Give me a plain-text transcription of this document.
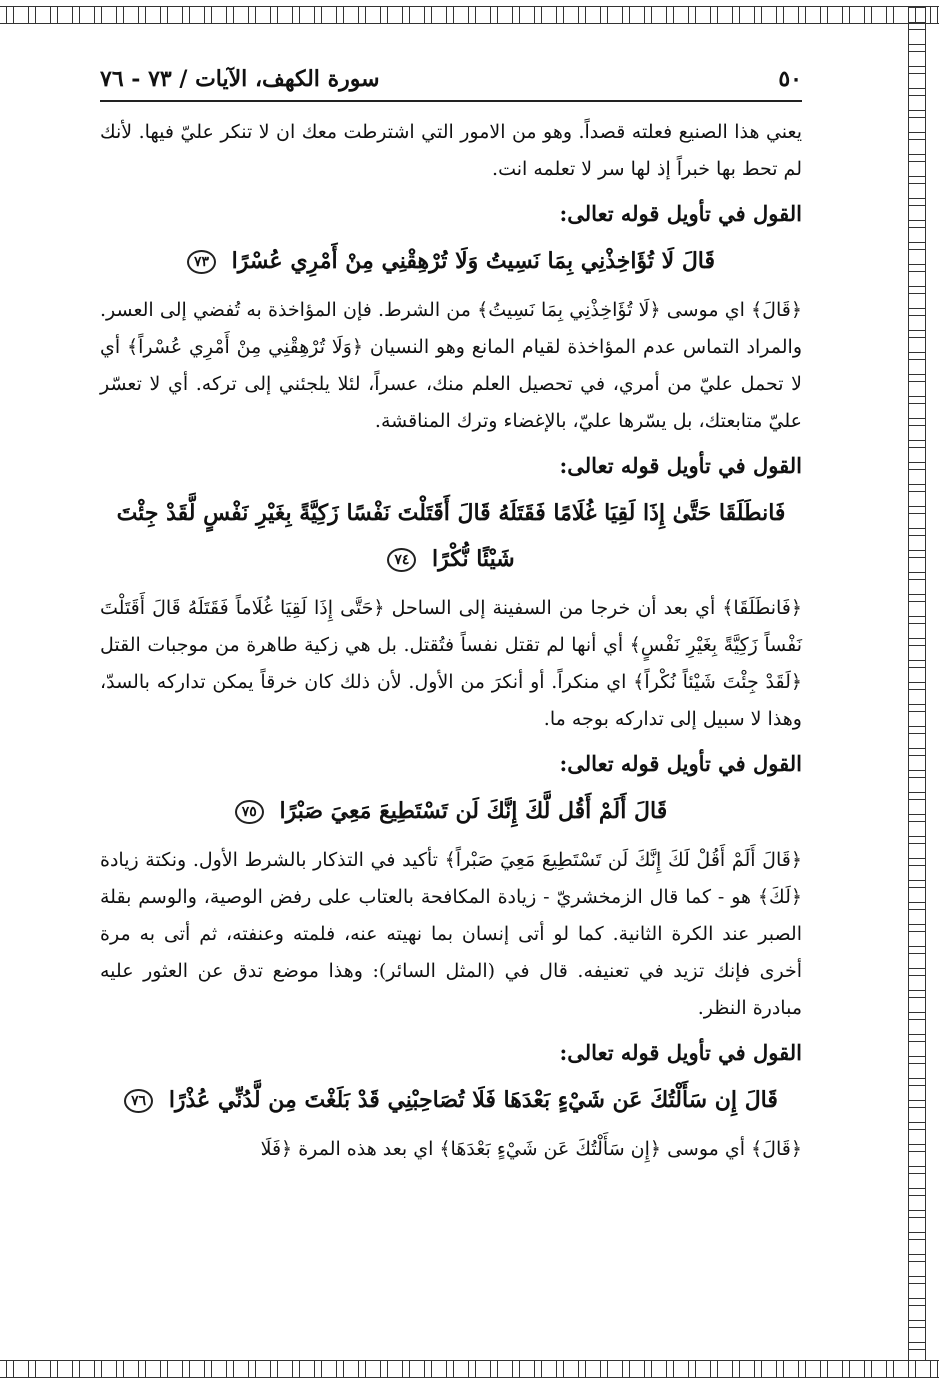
٥٠
سورة الكهف، الآيات / ٧٣ - ٧٦

يعني هذا الصنيع فعلته قصداً. وهو من الامور التي اشترطت معك ان لا تنكر عليّ فيها. لأنك لم تحط بها خبراً إذ لها سر لا تعلمه انت.

القول في تأويل قوله تعالى:
قَالَ لَا تُؤَاخِذْنِي بِمَا نَسِيتُ وَلَا تُرْهِقْنِي مِنْ أَمْرِي عُسْرًا ٧٣

﴿قَالَ﴾ اي موسى ﴿لَا تُؤَاخِذْنِي بِمَا نَسِيتُ﴾ من الشرط. فإن المؤاخذة به تُفضي إلى العسر. والمراد التماس عدم المؤاخذة لقيام المانع وهو النسيان ﴿وَلَا تُرْهِقْنِي مِنْ أَمْرِي عُسْراً﴾ أي لا تحمل عليّ من أمري، في تحصيل العلم منك، عسراً، لئلا يلجئني إلى تركه. أي لا تعسّر عليّ متابعتك، بل يسّرها عليّ، بالإغضاء وترك المناقشة.

القول في تأويل قوله تعالى:
فَانطَلَقَا حَتَّىٰ إِذَا لَقِيَا غُلَامًا فَقَتَلَهُ قَالَ أَقَتَلْتَ نَفْسًا زَكِيَّةً بِغَيْرِ نَفْسٍ لَّقَدْ جِئْتَ شَيْئًا نُّكْرًا ٧٤

﴿فَانطَلَقَا﴾ أي بعد أن خرجا من السفينة إلى الساحل ﴿حَتَّى إِذَا لَقِيَا غُلَاماً فَقَتَلَهُ قَالَ أَقَتَلْتَ نَفْساً زَكِيَّةً بِغَيْرِ نَفْسٍ﴾ أي أنها لم تقتل نفساً فتُقتل. بل هي زكية طاهرة من موجبات القتل ﴿لَقَدْ جِئْتَ شَيْئاً نُكْراً﴾ اي منكراً. أو أنكرَ من الأول. لأن ذلك كان خرقاً يمكن تداركه بالسدّ، وهذا لا سبيل إلى تداركه بوجه ما.

القول في تأويل قوله تعالى:
قَالَ أَلَمْ أَقُل لَّكَ إِنَّكَ لَن تَسْتَطِيعَ مَعِيَ صَبْرًا ٧٥

﴿قَالَ أَلَمْ أَقُلْ لَكَ إِنَّكَ لَن تَسْتَطِيعَ مَعِيَ صَبْراً﴾ تأكيد في التذكار بالشرط الأول. ونكتة زيادة ﴿لَكَ﴾ هو - كما قال الزمخشريّ - زيادة المكافحة بالعتاب على رفض الوصية، والوسم بقلة الصبر عند الكرة الثانية. كما لو أتى إنسان بما نهيته عنه، فلمته وعنفته، ثم أتى به مرة أخرى فإنك تزيد في تعنيفه. قال في (المثل السائر): وهذا موضع تدق عن العثور عليه مبادرة النظر.

القول في تأويل قوله تعالى:
قَالَ إِن سَأَلْتُكَ عَن شَيْءٍ بَعْدَهَا فَلَا تُصَاحِبْنِي قَدْ بَلَغْتَ مِن لَّدُنِّي عُذْرًا ٧٦

﴿قَالَ﴾ أي موسى ﴿إِن سَأَلْتُكَ عَن شَيْءٍ بَعْدَهَا﴾ اي بعد هذه المرة ﴿فَلَا
